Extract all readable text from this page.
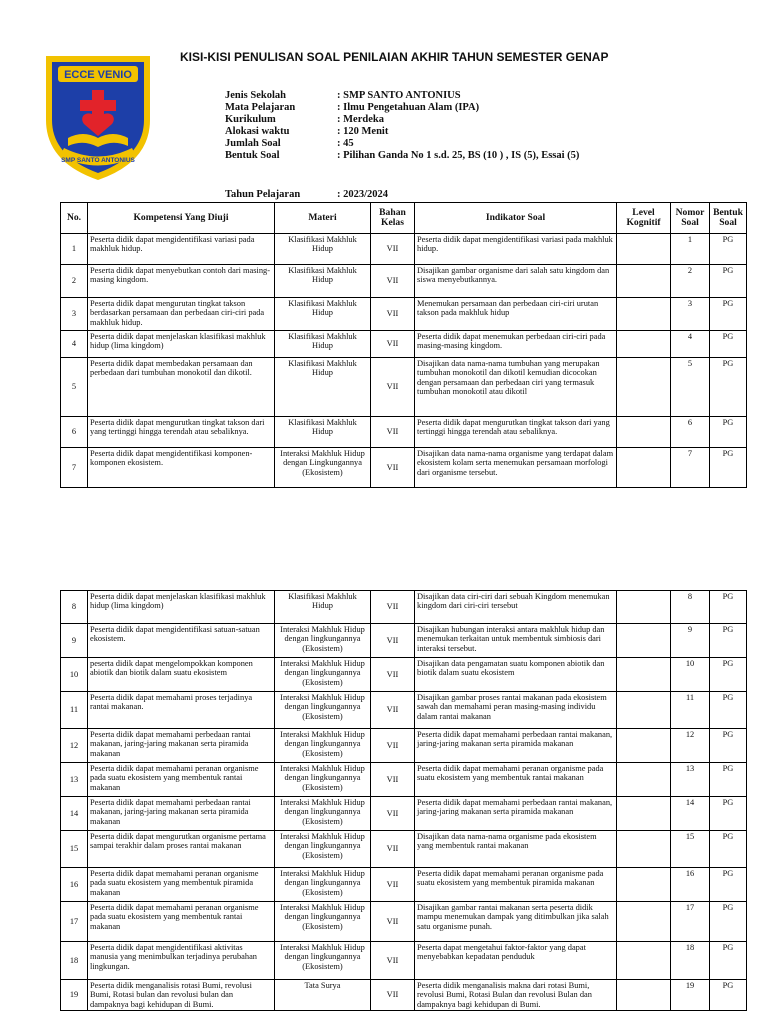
KISI-KISI PENULISAN SOAL PENILAIAN AKHIR TAHUN SEMESTER GENAP
ECCE VENIO
SMP SANTO ANTONIUS
Jenis Sekolah	: SMP SANTO ANTONIUS
Mata Pelajaran	: Ilmu Pengetahuan Alam (IPA)
Kurikulum	: Merdeka
Alokasi waktu	: 120 Menit
Jumlah Soal	: 45
Bentuk Soal	: Pilihan Ganda No 1 s.d. 25, BS (10 ) , IS (5), Essai (5)
Tahun Pelajaran	: 2023/2024
No.	Kompetensi Yang Diuji	Materi	Bahan Kelas	Indikator Soal	Level Kognitif	Nomor Soal	Bentuk Soal
1	Peserta didik dapat mengidentifikasi variasi pada makhluk hidup.	Klasifikasi Makhluk Hidup	VII	Peserta didik dapat mengidentifikasi variasi pada makhluk hidup.		1	PG
2	Peserta didik dapat menyebutkan contoh dari masing-masing kingdom.	Klasifikasi Makhluk Hidup	VII	Disajikan gambar organisme dari salah satu kingdom dan siswa menyebutkannya.		2	PG
3	Peserta didik dapat mengurutan tingkat takson berdasarkan persamaan dan perbedaan ciri-ciri pada makhluk hidup.	Klasifikasi Makhluk Hidup	VII	Menemukan persamaan dan perbedaan ciri-ciri urutan takson pada makhluk hidup		3	PG
4	Peserta didik dapat menjelaskan klasifikasi makhluk hidup (lima kingdom)	Klasifikasi Makhluk Hidup	VII	Peserta didik dapat menemukan perbedaan ciri-ciri pada masing-masing kingdom.		4	PG
5	Peserta didik dapat membedakan persamaan dan perbedaan dari tumbuhan monokotil dan dikotil.	Klasifikasi Makhluk Hidup	VII	Disajikan data nama-nama tumbuhan yang merupakan tumbuhan monokotil dan dikotil kemudian dicocokan dengan persamaan dan perbedaan ciri yang termasuk tumbuhan monokotil atau dikotil		5	PG
6	Peserta didik dapat mengurutkan tingkat takson dari yang tertinggi hingga terendah atau sebaliknya.	Klasifikasi Makhluk Hidup	VII	Peserta didik dapat mengurutkan tingkat takson dari yang tertinggi hingga terendah atau sebaliknya.		6	PG
7	Peserta didik dapat mengidentifikasi komponen-komponen ekosistem.	Interaksi Makhluk Hidup dengan Lingkungannya (Ekosistem)	VII	Disajikan data nama-nama organisme yang terdapat dalam ekosistem kolam serta menemukan persamaan morfologi dari organisme tersebut.		7	PG
8	Peserta didik dapat menjelaskan klasifikasi makhluk hidup (lima kingdom)	Klasifikasi Makhluk Hidup	VII	Disajikan data ciri-ciri dari sebuah Kingdom menemukan kingdom dari ciri-ciri tersebut		8	PG
9	Peserta didik dapat mengidentifikasi satuan-satuan ekosistem.	Interaksi Makhluk Hidup dengan lingkungannya (Ekosistem)	VII	Disajikan hubungan interaksi antara makhluk hidup dan menemukan terkaitan untuk membentuk simbiosis dari interaksi tersebut.		9	PG
10	peserta didik dapat mengelompokkan komponen abiotik dan biotik dalam suatu ekosistem	Interaksi Makhluk Hidup dengan lingkungannya (Ekosistem)	VII	Disajikan data pengamatan suatu komponen abiotik dan biotik dalam suatu ekosistem		10	PG
11	Peserta didik dapat memahami proses terjadinya rantai makanan.	Interaksi Makhluk Hidup dengan lingkungannya (Ekosistem)	VII	Disajikan gambar proses rantai makanan pada ekosistem sawah dan memahami peran masing-masing individu dalam rantai makanan		11	PG
12	Peserta didik dapat memahami perbedaan rantai makanan, jaring-jaring makanan serta piramida makanan	Interaksi Makhluk Hidup dengan lingkungannya (Ekosistem)	VII	Peserta didik dapat memahami perbedaan rantai makanan, jaring-jaring makanan serta piramida makanan		12	PG
13	Peserta didik dapat memahami peranan organisme pada suatu ekosistem yang membentuk rantai makanan	Interaksi Makhluk Hidup dengan lingkungannya (Ekosistem)	VII	Peserta didik dapat memahami peranan organisme pada suatu ekosistem yang membentuk rantai makanan		13	PG
14	Peserta didik dapat memahami perbedaan rantai makanan, jaring-jaring makanan serta piramida makanan	Interaksi Makhluk Hidup dengan lingkungannya (Ekosistem)	VII	Peserta didik dapat memahami perbedaan rantai makanan, jaring-jaring makanan serta piramida makanan		14	PG
15	Peserta didik dapat mengurutkan organisme pertama sampai terakhir dalam proses rantai makanan	Interaksi Makhluk Hidup dengan lingkungannya (Ekosistem)	VII	Disajikan data nama-nama organisme pada ekosistem yang membentuk rantai makanan		15	PG
16	Peserta didik dapat memahami peranan organisme pada suatu ekosistem yang membentuk piramida makanan	Interaksi Makhluk Hidup dengan lingkungannya (Ekosistem)	VII	Peserta didik dapat memahami peranan organisme pada suatu ekosistem yang membentuk piramida makanan		16	PG
17	Peserta didik dapat memahami peranan organisme pada suatu ekosistem yang membentuk rantai makanan	Interaksi Makhluk Hidup dengan lingkungannya (Ekosistem)	VII	Disajikan gambar rantai makanan serta peserta didik mampu menemukan dampak yang ditimbulkan jika salah satu organisme punah.		17	PG
18	Peserta didik dapat mengidentifikasi aktivitas manusia yang menimbulkan terjadinya perubahan lingkungan.	Interaksi Makhluk Hidup dengan lingkungannya (Ekosistem)	VII	Peserta dapat mengetahui faktor-faktor yang dapat menyebabkan kepadatan penduduk		18	PG
19	Peserta didik menganalisis rotasi Bumi, revolusi Bumi, Rotasi bulan dan revolusi bulan dan dampaknya bagi kehidupan di Bumi.	Tata Surya	VII	Peserta didik menganalisis makna dari rotasi Bumi, revolusi Bumi, Rotasi Bulan dan revolusi Bulan dan dampaknya bagi kehidupan di Bumi.		19	PG
